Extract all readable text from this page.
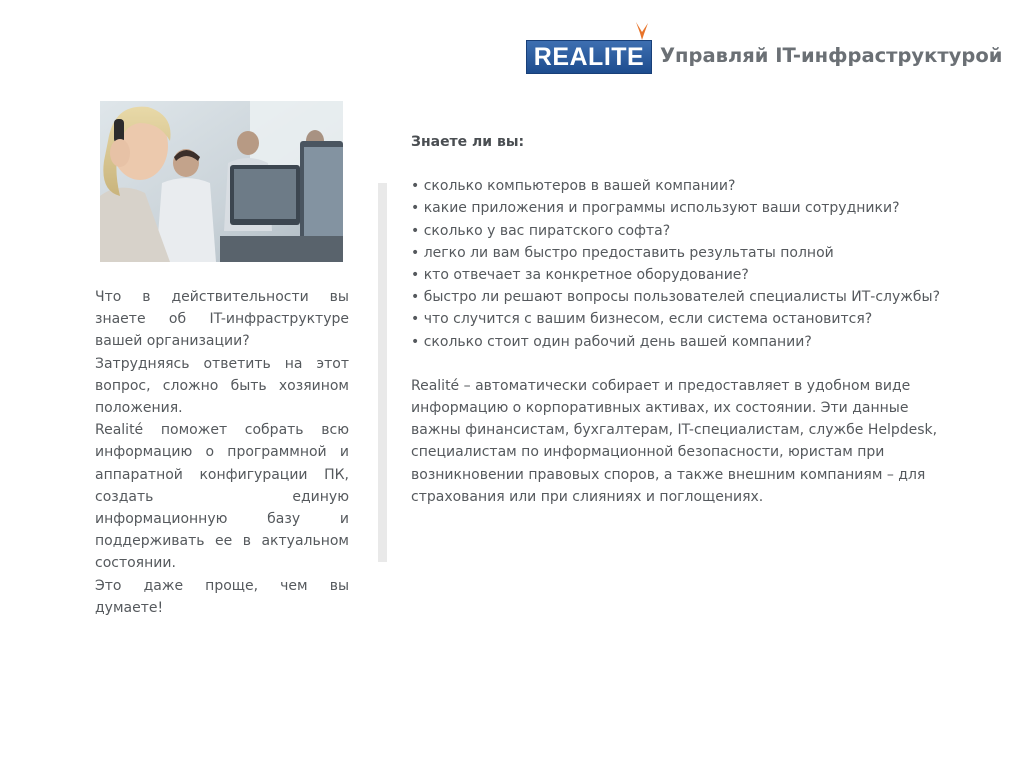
REALITE Управляй IT-инфраструктурой

Что в действительности вы знаете об IT-инфраструктуре вашей организации?

Затрудняясь ответить на этот вопрос, сложно быть хозяином положения.

Realité поможет собрать всю информацию о программной и аппаратной конфигурации ПК, создать единую информационную базу и поддерживать ее в актуальном состоянии.

Это даже проще, чем вы думаете!

Знаете ли вы:
• сколько компьютеров в вашей компании?
• какие приложения и программы используют ваши сотрудники?
• сколько у вас пиратского софта?
• легко ли вам быстро предоставить результаты полной
• кто отвечает за конкретное оборудование?
• быстро ли решают вопросы пользователей специалисты ИТ-службы?
• что случится с вашим бизнесом, если система остановится?
• сколько стоит один рабочий день вашей компании?

Realité – автоматически собирает и предоставляет в удобном виде информацию о корпоративных активах, их состоянии. Эти данные важны финансистам, бухгалтерам, IT-специалистам, службе Helpdesk, специалистам по информационной безопасности, юристам при возникновении правовых споров, а также внешним компаниям – для страхования или при слияниях и поглощениях.
